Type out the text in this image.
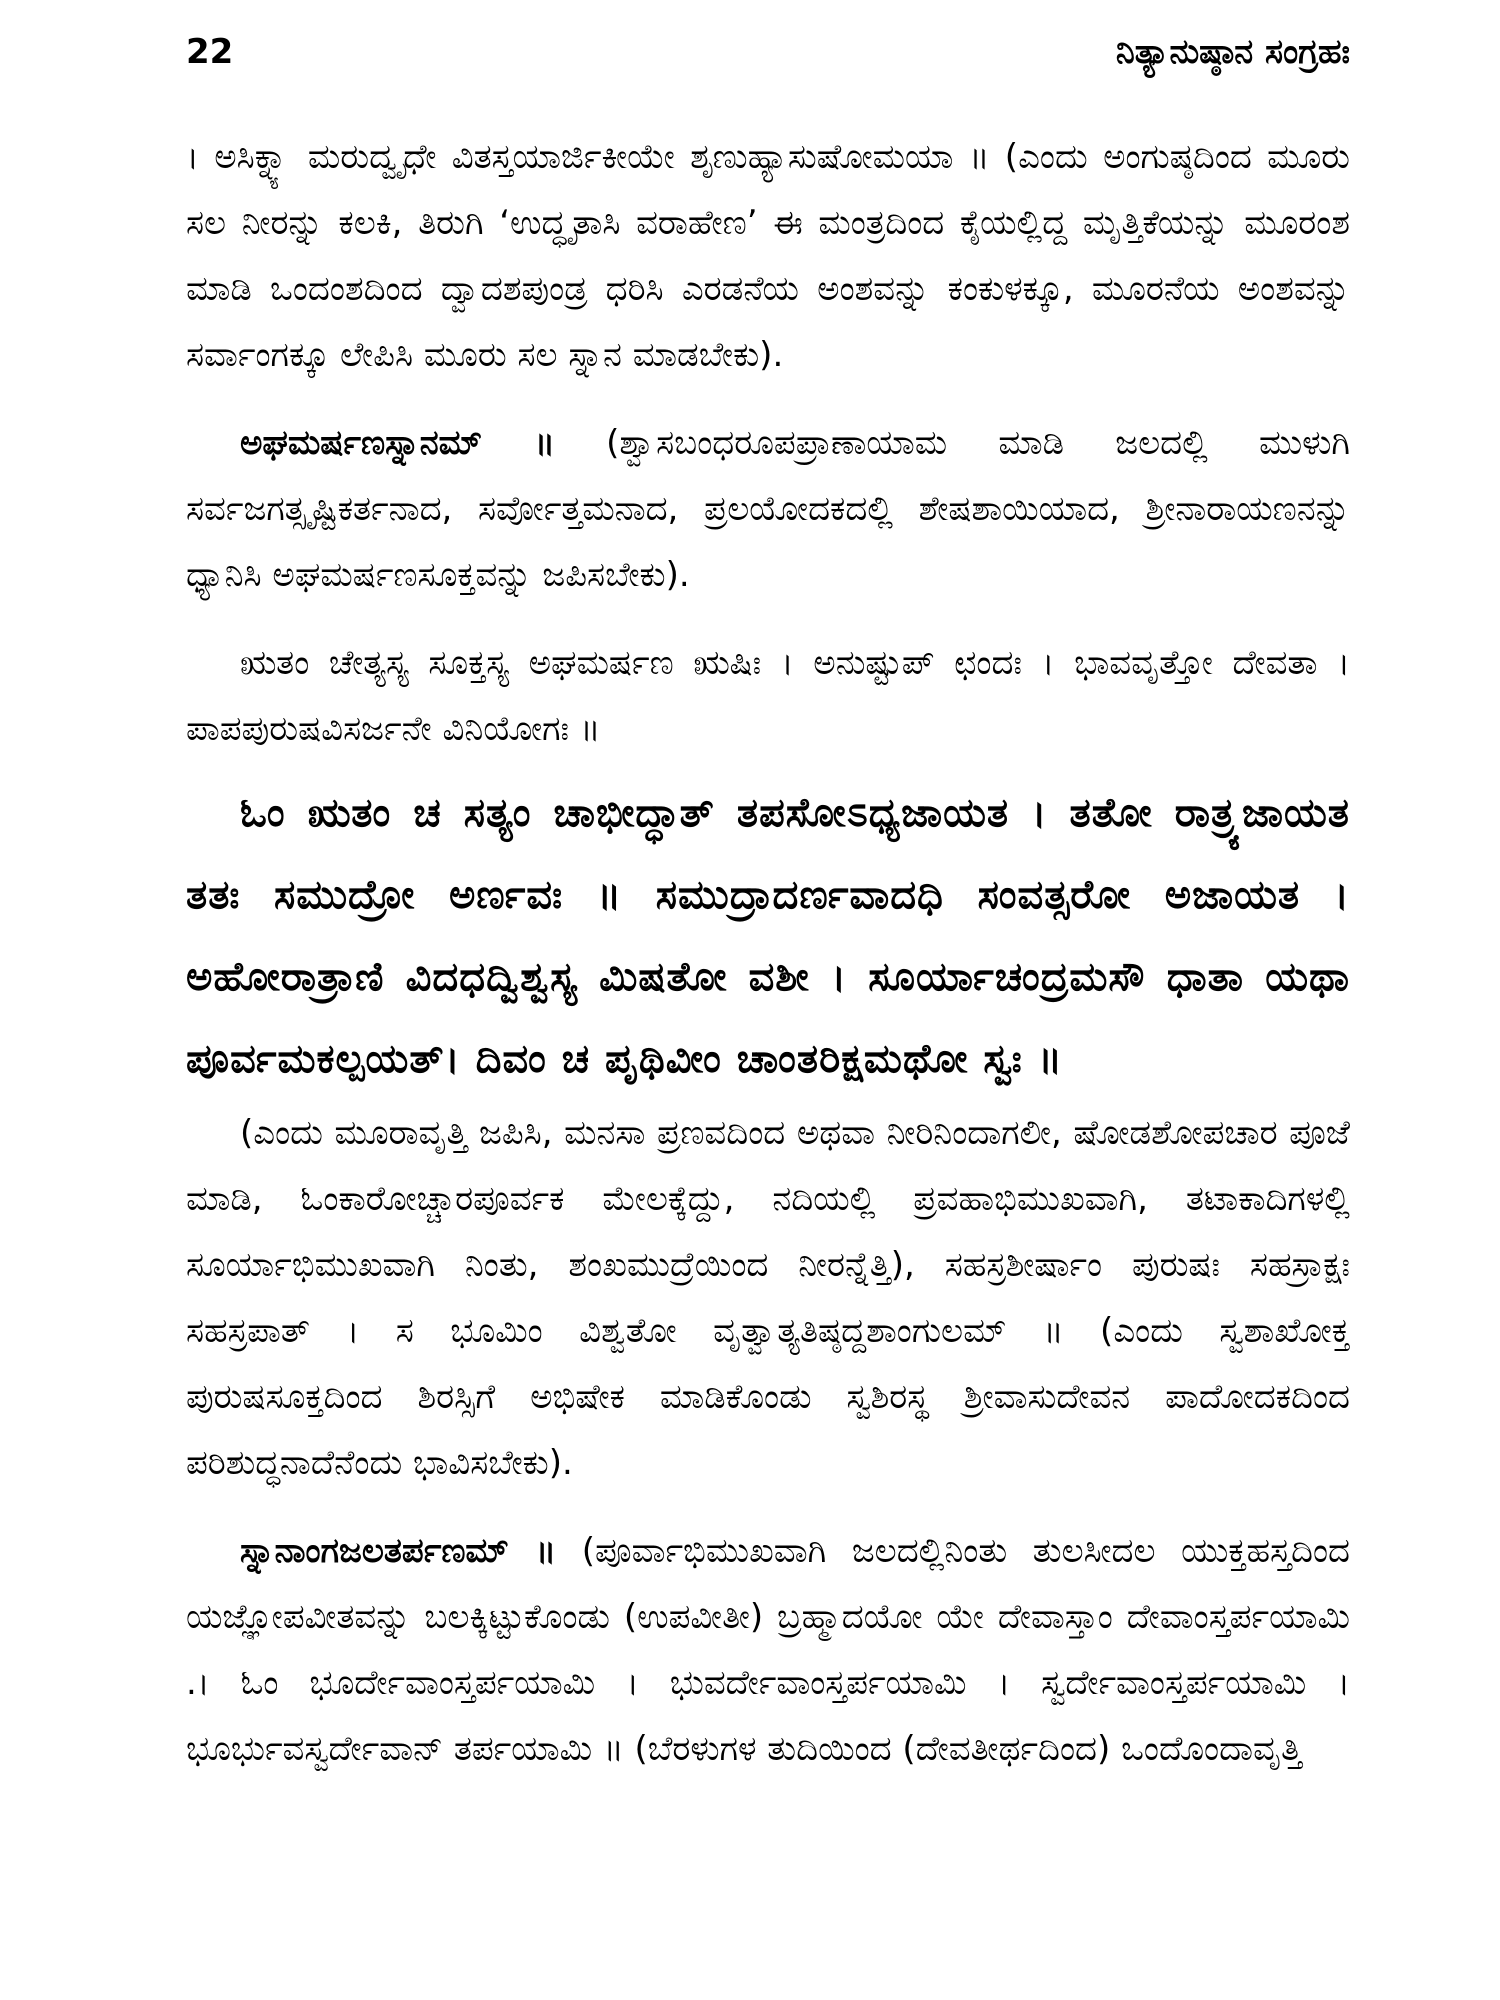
22	ನಿತ್ಯಾನುಷ್ಠಾನ ಸಂಗ್ರಹಃ

। ಅಸಿಕ್ನ್ಯಾ ಮರುದ್ವೃಧೇ ವಿತಸ್ತಯಾರ್ಜಿಕೀಯೇ ಶೃಣುಹ್ಯಾಸುಷೋಮಯಾ ॥ (ಎಂದು ಅಂಗುಷ್ಠದಿಂದ ಮೂರು ಸಲ ನೀರನ್ನು ಕಲಕಿ, ತಿರುಗಿ ‘ಉದ್ಧೃತಾಸಿ ವರಾಹೇಣ’ ಈ ಮಂತ್ರದಿಂದ ಕೈಯಲ್ಲಿದ್ದ ಮೃತ್ತಿಕೆಯನ್ನು ಮೂರಂಶ ಮಾಡಿ ಒಂದಂಶದಿಂದ ದ್ವಾದಶಪುಂಡ್ರ ಧರಿಸಿ ಎರಡನೆಯ ಅಂಶವನ್ನು ಕಂಕುಳಕ್ಕೂ, ಮೂರನೆಯ ಅಂಶವನ್ನು ಸರ್ವಾಂಗಕ್ಕೂ ಲೇಪಿಸಿ ಮೂರು ಸಲ ಸ್ನಾನ ಮಾಡಬೇಕು).

ಅಘಮರ್ಷಣಸ್ನಾನಮ್ ॥ (ಶ್ವಾಸಬಂಧರೂಪಪ್ರಾಣಾಯಾಮ ಮಾಡಿ ಜಲದಲ್ಲಿ ಮುಳುಗಿ ಸರ್ವಜಗತ್ಸೃಷ್ಟಿಕರ್ತನಾದ, ಸರ್ವೋತ್ತಮನಾದ, ಪ್ರಲಯೋದಕದಲ್ಲಿ ಶೇಷಶಾಯಿಯಾದ, ಶ್ರೀನಾರಾಯಣನನ್ನು ಧ್ಯಾನಿಸಿ ಅಘಮರ್ಷಣಸೂಕ್ತವನ್ನು ಜಪಿಸಬೇಕು).

ಋತಂ ಚೇತ್ಯಸ್ಯ ಸೂಕ್ತಸ್ಯ ಅಘಮರ್ಷಣ ಋಷಿಃ । ಅನುಷ್ಟುಪ್ ಛಂದಃ । ಭಾವವೃತ್ತೋ ದೇವತಾ । ಪಾಪಪುರುಷವಿಸರ್ಜನೇ ವಿನಿಯೋಗಃ ॥

ಓಂ ಋತಂ ಚ ಸತ್ಯಂ ಚಾಭೀದ್ಧಾತ್ ತಪಸೋಽಧ್ಯಜಾಯತ । ತತೋ ರಾತ್ರ್ಯಜಾಯತ ತತಃ ಸಮುದ್ರೋ ಅರ್ಣವಃ ॥ ಸಮುದ್ರಾದರ್ಣವಾದಧಿ ಸಂವತ್ಸರೋ ಅಜಾಯತ । ಅಹೋರಾತ್ರಾಣಿ ವಿದಧದ್ವಿಶ್ವಸ್ಯ ಮಿಷತೋ ವಶೀ । ಸೂರ್ಯಾಚಂದ್ರಮಸೌ ಧಾತಾ ಯಥಾ ಪೂರ್ವಮಕಲ್ಪಯತ್। ದಿವಂ ಚ ಪೃಥಿವೀಂ ಚಾಂತರಿಕ್ಷಮಥೋ ಸ್ವಃ ॥

(ಎಂದು ಮೂರಾವೃತ್ತಿ ಜಪಿಸಿ, ಮನಸಾ ಪ್ರಣವದಿಂದ ಅಥವಾ ನೀರಿನಿಂದಾಗಲೀ, ಷೋಡಶೋಪಚಾರ ಪೂಜೆ ಮಾಡಿ, ಓಂಕಾರೋಚ್ಚಾರಪೂರ್ವಕ ಮೇಲಕ್ಕೆದ್ದು, ನದಿಯಲ್ಲಿ ಪ್ರವಹಾಭಿಮುಖವಾಗಿ, ತಟಾಕಾದಿಗಳಲ್ಲಿ ಸೂರ್ಯಾಭಿಮುಖವಾಗಿ ನಿಂತು, ಶಂಖಮುದ್ರೆಯಿಂದ ನೀರನ್ನೆತ್ತಿ), ಸಹಸ್ರಶೀರ್ಷಾಂ ಪುರುಷಃ ಸಹಸ್ರಾಕ್ಷಃ ಸಹಸ್ರಪಾತ್ । ಸ ಭೂಮಿಂ ವಿಶ್ವತೋ ವೃತ್ವಾತ್ಯತಿಷ್ಠದ್ದಶಾಂಗುಲಮ್ ॥ (ಎಂದು ಸ್ವಶಾಖೋಕ್ತ ಪುರುಷಸೂಕ್ತದಿಂದ ಶಿರಸ್ಸಿಗೆ ಅಭಿಷೇಕ ಮಾಡಿಕೊಂಡು ಸ್ವಶಿರಸ್ಥ ಶ್ರೀವಾಸುದೇವನ ಪಾದೋದಕದಿಂದ ಪರಿಶುದ್ಧನಾದೆನೆಂದು ಭಾವಿಸಬೇಕು).

ಸ್ನಾನಾಂಗಜಲತರ್ಪಣಮ್ ॥ (ಪೂರ್ವಾಭಿಮುಖವಾಗಿ ಜಲದಲ್ಲಿನಿಂತು ತುಲಸೀದಲ ಯುಕ್ತಹಸ್ತದಿಂದ ಯಜ್ಞೋಪವೀತವನ್ನು ಬಲಕ್ಕಿಟ್ಟುಕೊಂಡು (ಉಪವೀತೀ) ಬ್ರಹ್ಮಾದಯೋ ಯೇ ದೇವಾಸ್ತಾಂ ದೇವಾಂಸ್ತರ್ಪಯಾಮಿ .। ಓಂ ಭೂರ್ದೇವಾಂಸ್ತರ್ಪಯಾಮಿ । ಭುವರ್ದೇವಾಂಸ್ತರ್ಪಯಾಮಿ । ಸ್ವರ್ದೇವಾಂಸ್ತರ್ಪಯಾಮಿ । ಭೂರ್ಭುವಸ್ವರ್ದೇವಾನ್ ತರ್ಪಯಾಮಿ ॥ (ಬೆರಳುಗಳ ತುದಿಯಿಂದ (ದೇವತೀರ್ಥದಿಂದ) ಒಂದೊಂದಾವೃತ್ತಿ
